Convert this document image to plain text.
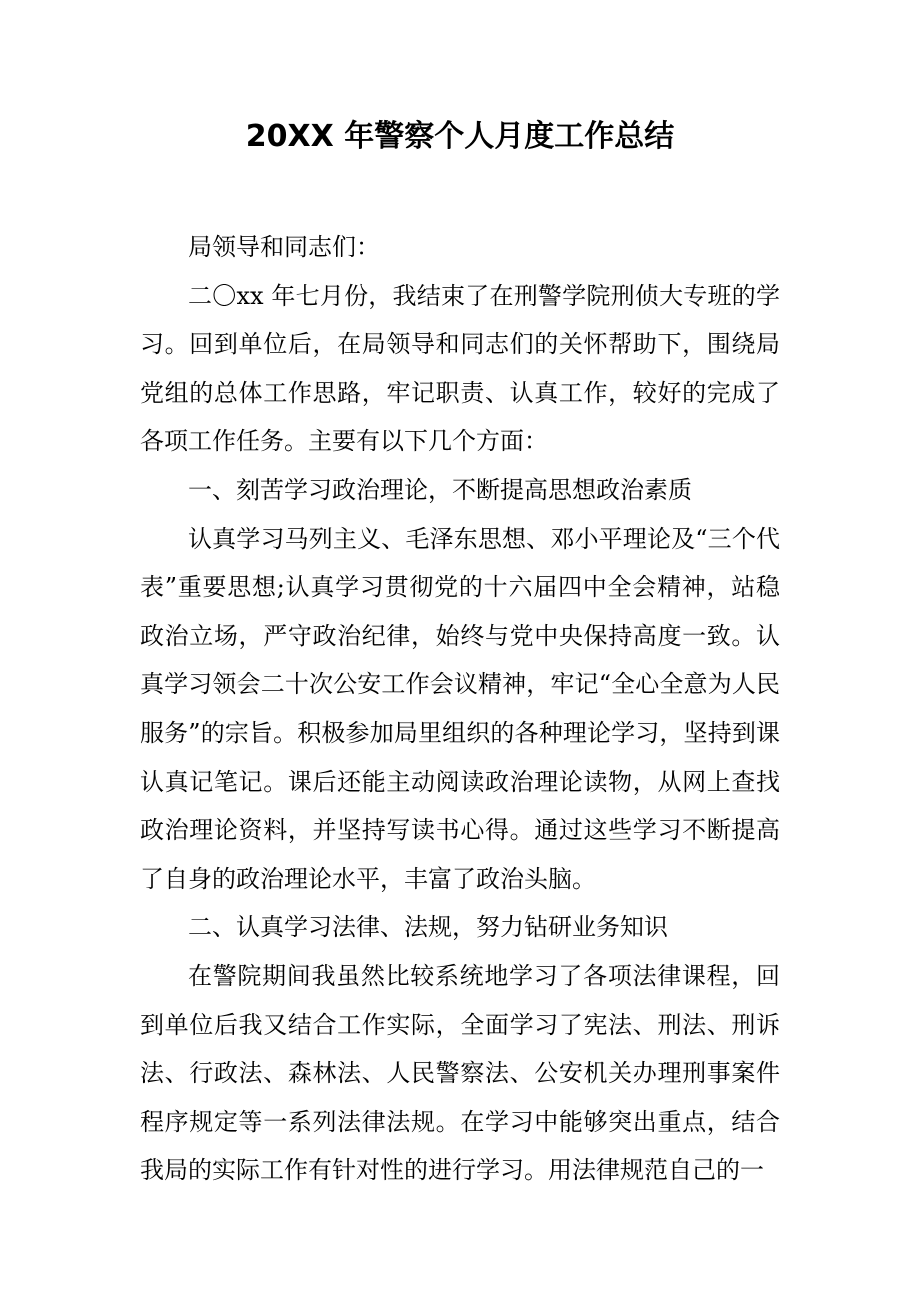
20XX 年警察个人月度工作总结

局领导和同志们：

二〇xx 年七月份，我结束了在刑警学院刑侦大专班的学习。回到单位后，在局领导和同志们的关怀帮助下，围绕局党组的总体工作思路，牢记职责、认真工作，较好的完成了各项工作任务。主要有以下几个方面：

一、刻苦学习政治理论，不断提高思想政治素质

认真学习马列主义、毛泽东思想、邓小平理论及“三个代表”重要思想;认真学习贯彻党的十六届四中全会精神，站稳政治立场，严守政治纪律，始终与党中央保持高度一致。认真学习领会二十次公安工作会议精神，牢记“全心全意为人民服务”的宗旨。积极参加局里组织的各种理论学习，坚持到课认真记笔记。课后还能主动阅读政治理论读物，从网上查找政治理论资料，并坚持写读书心得。通过这些学习不断提高了自身的政治理论水平，丰富了政治头脑。

二、认真学习法律、法规，努力钻研业务知识

在警院期间我虽然比较系统地学习了各项法律课程，回到单位后我又结合工作实际，全面学习了宪法、刑法、刑诉法、行政法、森林法、人民警察法、公安机关办理刑事案件程序规定等一系列法律法规。在学习中能够突出重点，结合我局的实际工作有针对性的进行学习。用法律规范自己的一
